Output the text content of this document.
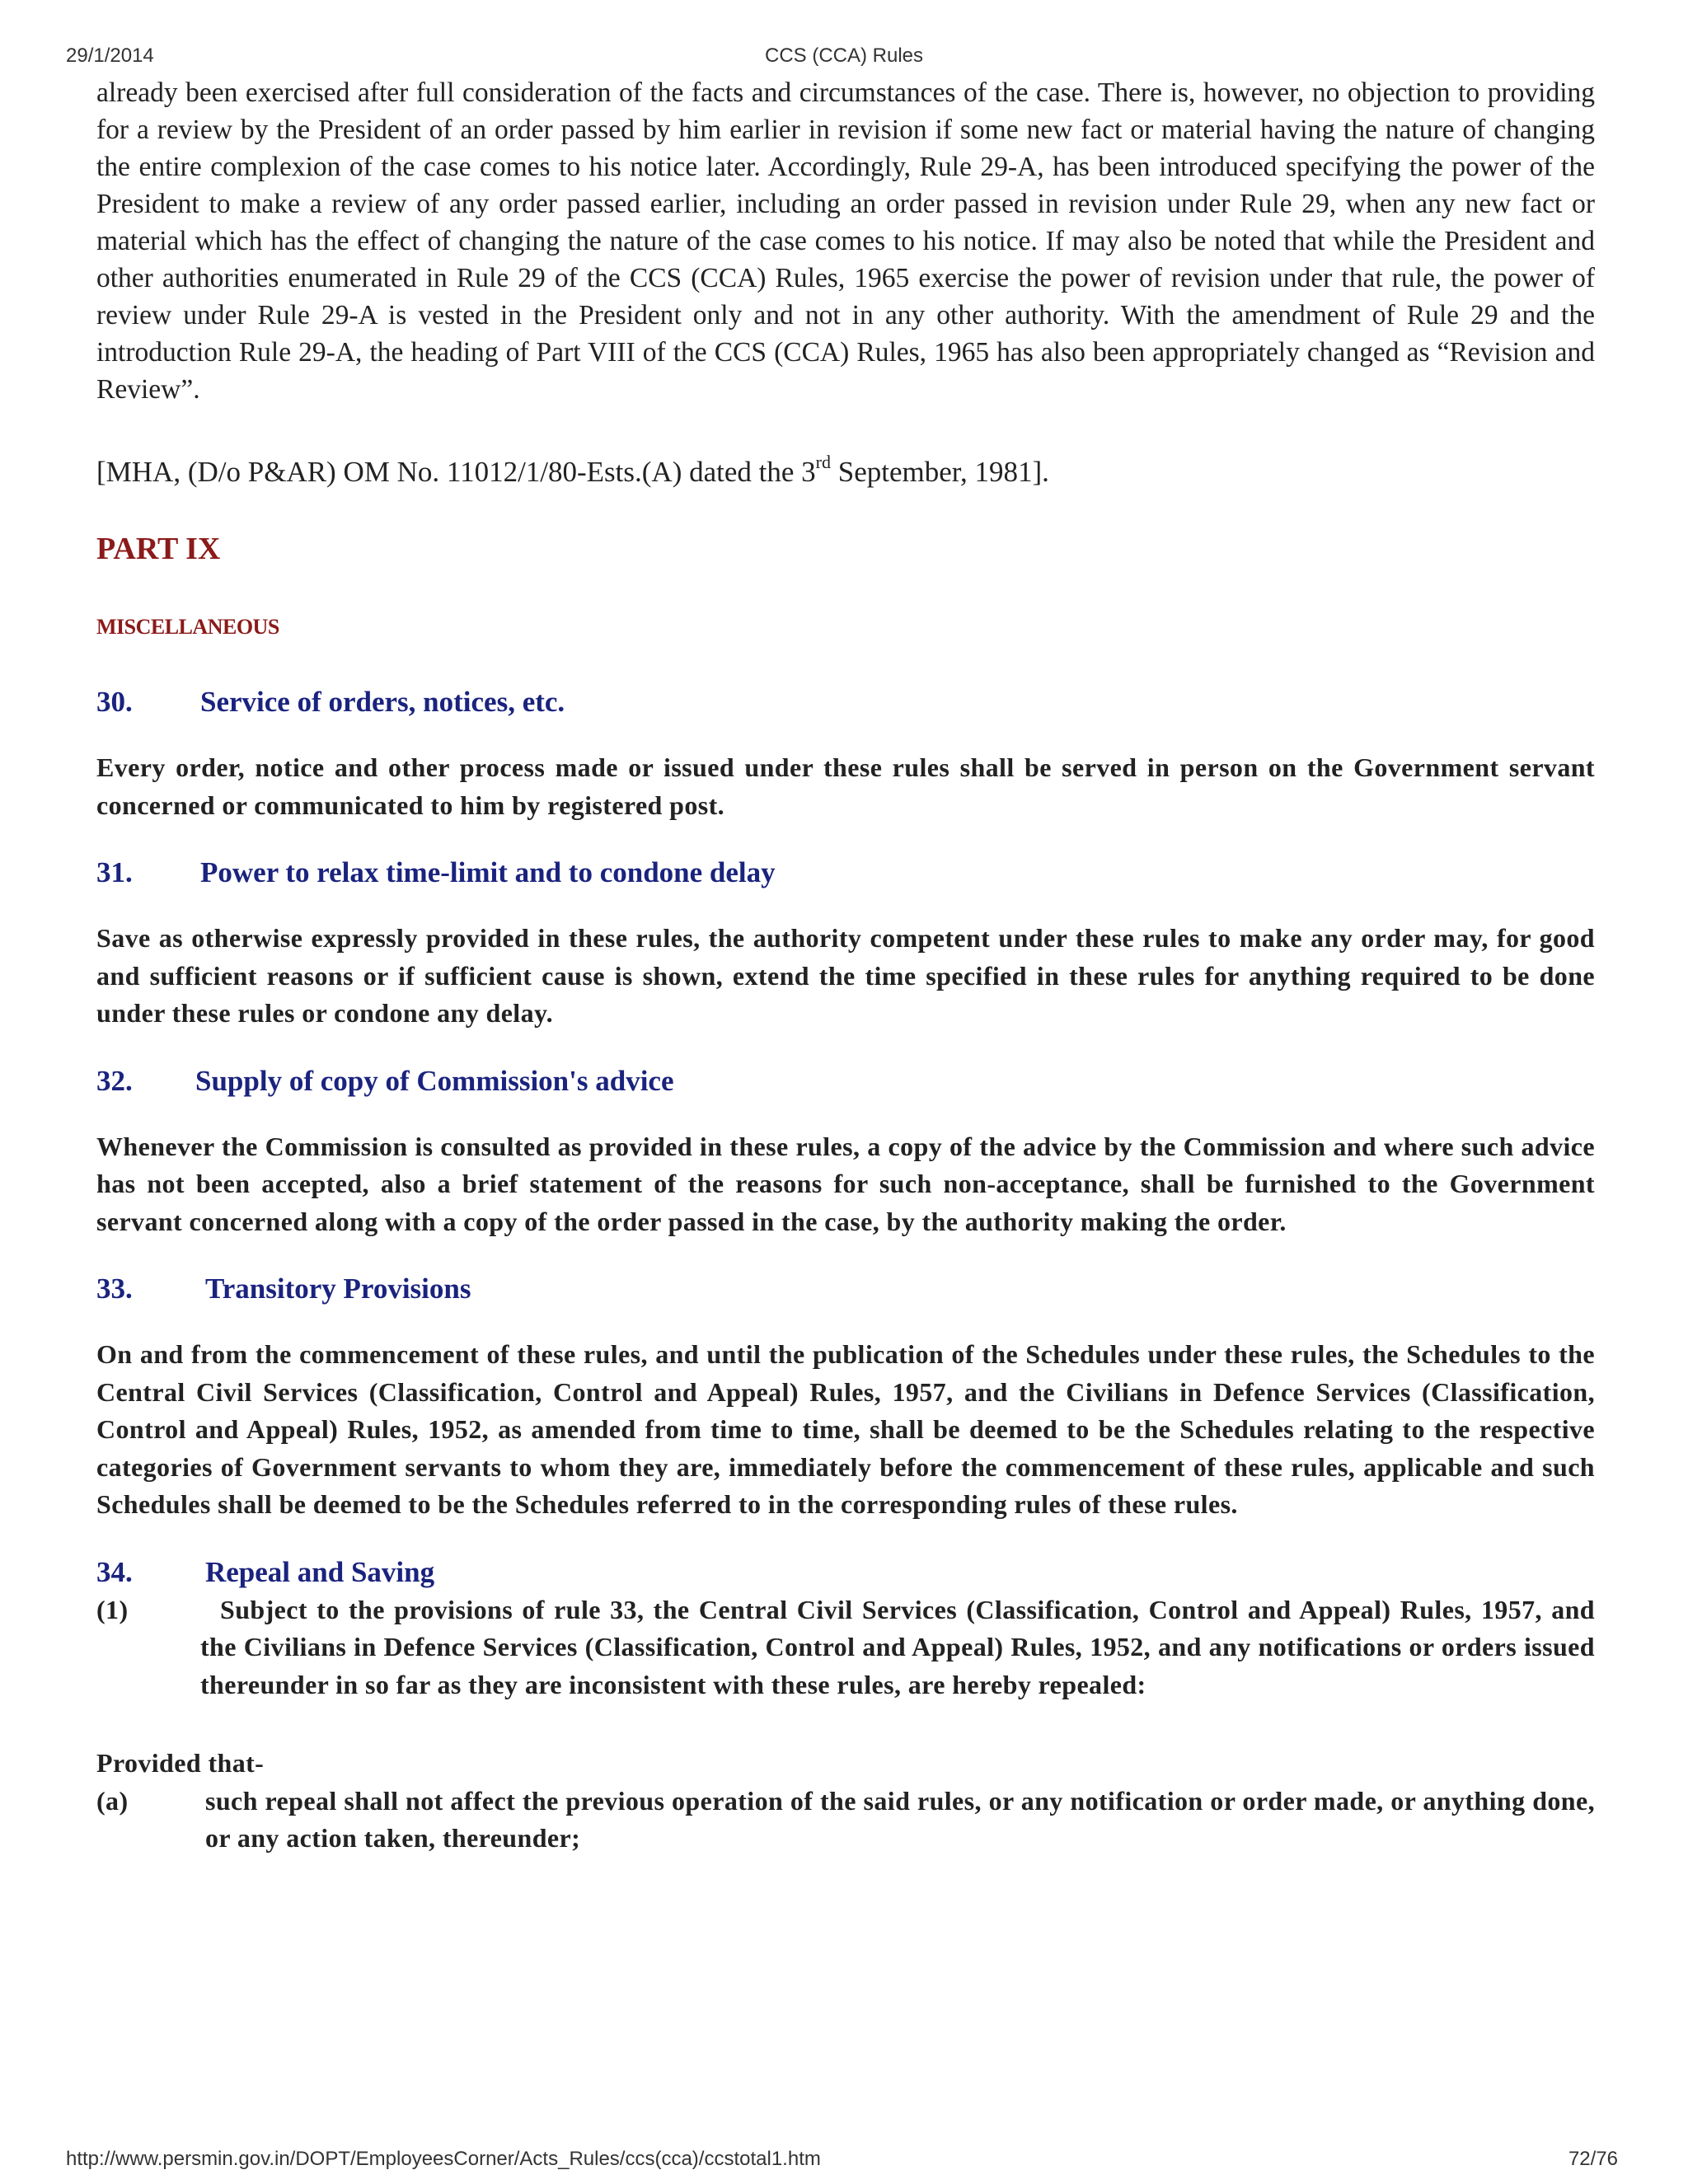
29/1/2014	CCS (CCA) Rules

already been exercised after full consideration of the facts and circumstances of the case. There is, however, no objection to providing for a review by the President of an order passed by him earlier in revision if some new fact or material having the nature of changing the entire complexion of the case comes to his notice later. Accordingly, Rule 29-A, has been introduced specifying the power of the President to make a review of any order passed earlier, including an order passed in revision under Rule 29, when any new fact or material which has the effect of changing the nature of the case comes to his notice. If may also be noted that while the President and other authorities enumerated in Rule 29 of the CCS (CCA) Rules, 1965 exercise the power of revision under that rule, the power of review under Rule 29-A is vested in the President only and not in any other authority. With the amendment of Rule 29 and the introduction Rule 29-A, the heading of Part VIII of the CCS (CCA) Rules, 1965 has also been appropriately changed as “Revision and Review”.

[MHA, (D/o P&AR) OM No. 11012/1/80-Ests.(A) dated the 3rd September, 1981].

PART IX
MISCELLANEOUS
30.	Service of orders, notices, etc.

Every order, notice and other process made or issued under these rules shall be served in person on the Government servant concerned or communicated to him by registered post.

31.	Power to relax time-limit and to condone delay

Save as otherwise expressly provided in these rules, the authority competent under these rules to make any order may, for good and sufficient reasons or if sufficient cause is shown, extend the time specified in these rules for anything required to be done under these rules or condone any delay.

32.	Supply of copy of Commission's advice

Whenever the Commission is consulted as provided in these rules, a copy of the advice by the Commission and where such advice has not been accepted, also a brief statement of the reasons for such non-acceptance, shall be furnished to the Government servant concerned along with a copy of the order passed in the case, by the authority making the order.

33.	Transitory Provisions

On and from the commencement of these rules, and until the publication of the Schedules under these rules, the Schedules to the Central Civil Services (Classification, Control and Appeal) Rules, 1957, and the Civilians in Defence Services (Classification, Control and Appeal) Rules, 1952, as amended from time to time, shall be deemed to be the Schedules relating to the respective categories of Government servants to whom they are, immediately before the commencement of these rules, applicable and such Schedules shall be deemed to be the Schedules referred to in the corresponding rules of these rules.

34.	Repeal and Saving
(1)	Subject to the provisions of rule 33, the Central Civil Services (Classification, Control and Appeal) Rules, 1957, and the Civilians in Defence Services (Classification, Control and Appeal) Rules, 1952, and any notifications or orders issued thereunder in so far as they are inconsistent with these rules, are hereby repealed:

Provided that-

(a)	such repeal shall not affect the previous operation of the said rules, or any notification or order made, or anything done, or any action taken, thereunder;
http://www.persmin.gov.in/DOPT/EmployeesCorner/Acts_Rules/ccs(cca)/ccstotal1.htm	72/76
